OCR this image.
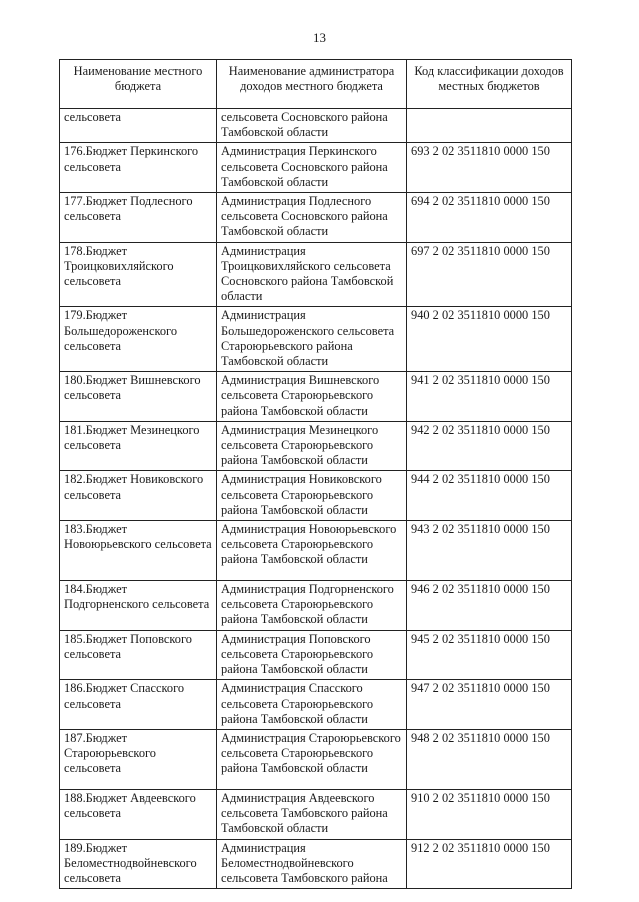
13
Наименование местного бюджета	Наименование администратора доходов местного бюджета	Код классификации доходов местных бюджетов
сельсовета	сельсовета Сосновского района Тамбовской области	
176.Бюджет Перкинского сельсовета	Администрация Перкинского сельсовета Сосновского района Тамбовской области	693 2 02 3511810 0000 150
177.Бюджет Подлесного сельсовета	Администрация Подлесного сельсовета Сосновского района Тамбовской области	694 2 02 3511810 0000 150
178.Бюджет Троицковихляйского сельсовета	Администрация Троицковихляйского сельсовета Сосновского района Тамбовской области	697 2 02 3511810 0000 150
179.Бюджет Большедороженского сельсовета	Администрация Большедороженского сельсовета Староюрьевского района Тамбовской области	940 2 02 3511810 0000 150
180.Бюджет Вишневского сельсовета	Администрация Вишневского сельсовета Староюрьевского района Тамбовской области	941 2 02 3511810 0000 150
181.Бюджет Мезинецкого сельсовета	Администрация Мезинецкого сельсовета Староюрьевского района Тамбовской области	942 2 02 3511810 0000 150
182.Бюджет Новиковского сельсовета	Администрация Новиковского сельсовета Староюрьевского района Тамбовской области	944 2 02 3511810 0000 150
183.Бюджет Новоюрьевского сельсовета	Администрация Новоюрьевского сельсовета Староюрьевского района Тамбовской области	943 2 02 3511810 0000 150
184.Бюджет Подгорненского сельсовета	Администрация Подгорненского сельсовета Староюрьевского района Тамбовской области	946 2 02 3511810 0000 150
185.Бюджет Поповского сельсовета	Администрация Поповского сельсовета Староюрьевского района Тамбовской области	945 2 02 3511810 0000 150
186.Бюджет Спасского сельсовета	Администрация Спасского сельсовета Староюрьевского района Тамбовской области	947 2 02 3511810 0000 150
187.Бюджет Староюрьевского сельсовета	Администрация Староюрьевского сельсовета Староюрьевского района Тамбовской области	948 2 02 3511810 0000 150
188.Бюджет Авдеевского сельсовета	Администрация Авдеевского сельсовета Тамбовского района Тамбовской области	910 2 02 3511810 0000 150
189.Бюджет Беломестнодвойневского сельсовета	Администрация Беломестнодвойневского сельсовета Тамбовского района	912 2 02 3511810 0000 150
